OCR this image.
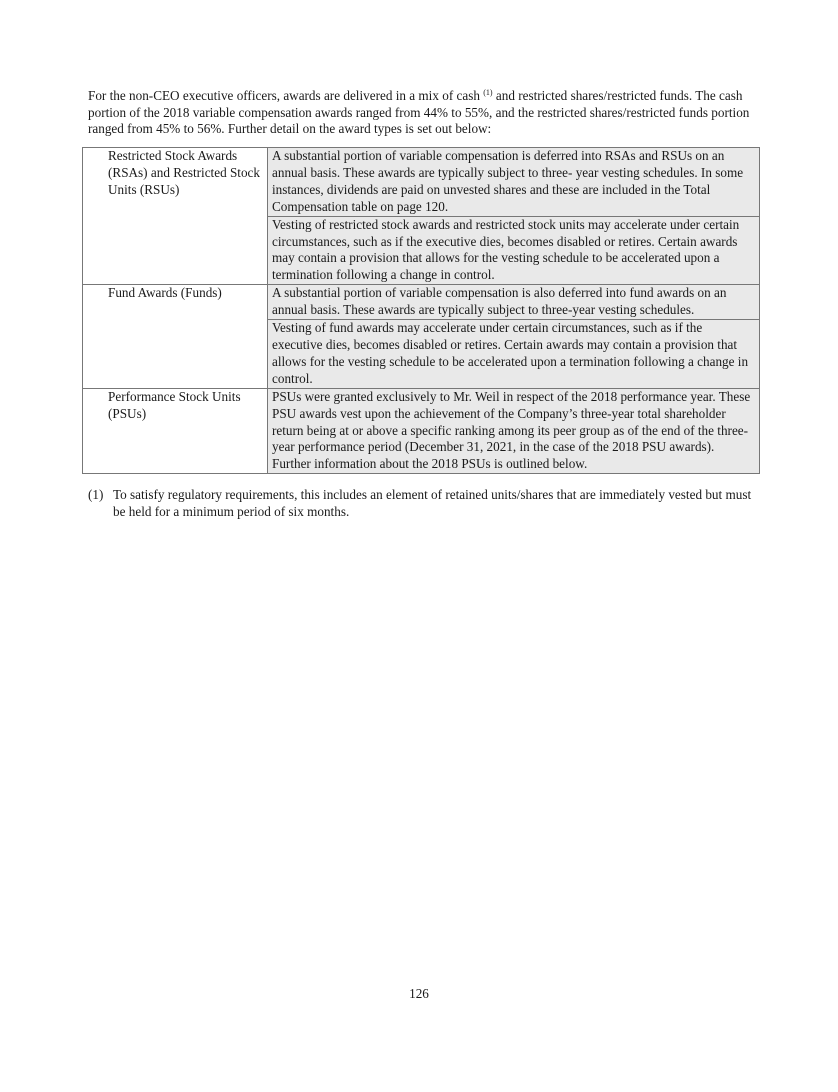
For the non-CEO executive officers, awards are delivered in a mix of cash $^{(1)}$ and restricted shares/restricted funds. The cash portion of the 2018 variable compensation awards ranged from 44% to 55%, and the restricted shares/restricted funds portion ranged from 45% to 56%. Further detail on the award types is set out below:

Restricted Stock Awards (RSAs) and Restricted Stock Units (RSUs)		A substantial portion of variable compensation is deferred into RSAs and RSUs on an annual basis. These awards are typically subject to three- year vesting schedules. In some instances, dividends are paid on unvested shares and these are included in the Total Compensation table on page 120.
		Vesting of restricted stock awards and restricted stock units may accelerate under certain circumstances, such as if the executive dies, becomes disabled or retires. Certain awards may contain a provision that allows for the vesting schedule to be accelerated upon a termination following a change in control.
Fund Awards (Funds)		A substantial portion of variable compensation is also deferred into fund awards on an annual basis. These awards are typically subject to three-year vesting schedules.
		Vesting of fund awards may accelerate under certain circumstances, such as if the executive dies, becomes disabled or retires. Certain awards may contain a provision that allows for the vesting schedule to be accelerated upon a termination following a change in control.
Performance Stock Units (PSUs)		PSUs were granted exclusively to Mr. Weil in respect of the 2018 performance year. These PSU awards vest upon the achievement of the Company’s three-year total shareholder return being at or above a specific ranking among its peer group as of the end of the three-year performance period (December 31, 2021, in the case of the 2018 PSU awards). Further information about the 2018 PSUs is outlined below.
(1) To satisfy regulatory requirements, this includes an element of retained units/shares that are immediately vested but must be held for a minimum period of six months.
126
